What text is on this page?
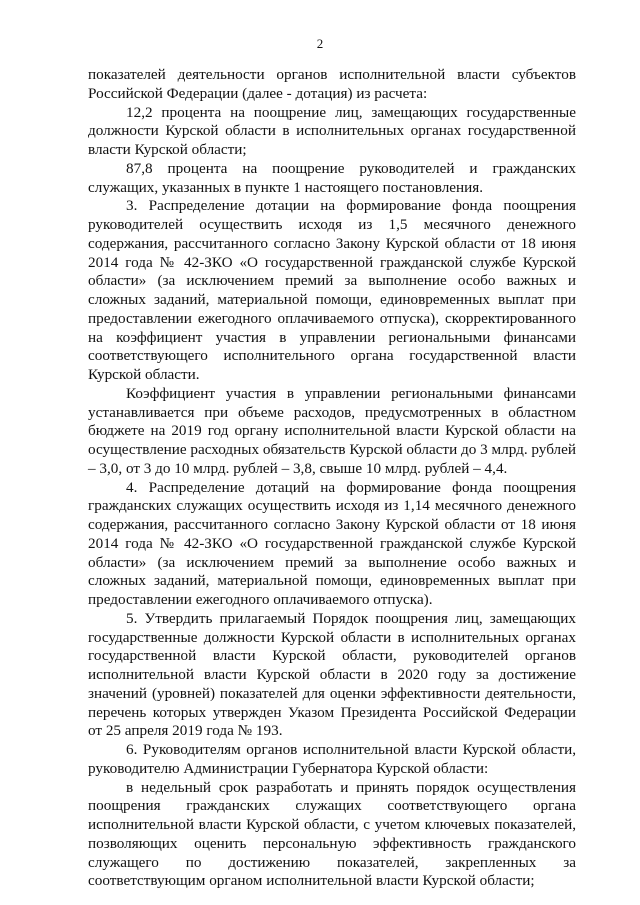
2

показателей деятельности органов исполнительной власти субъектов Российской Федерации (далее - дотация) из расчета:

12,2 процента на поощрение лиц, замещающих государственные должности Курской области в исполнительных органах государственной власти Курской области;

87,8 процента на поощрение руководителей и гражданских служащих, указанных в пункте 1 настоящего постановления.

3. Распределение дотации на формирование фонда поощрения руководителей осуществить исходя из 1,5 месячного денежного содержания, рассчитанного согласно Закону Курской области от 18 июня 2014 года № 42-ЗКО «О государственной гражданской службе Курской области» (за исключением премий за выполнение особо важных и сложных заданий, материальной помощи, единовременных выплат при предоставлении ежегодного оплачиваемого отпуска), скорректированного на коэффициент участия в управлении региональными финансами соответствующего исполнительного органа государственной власти Курской области.

Коэффициент участия в управлении региональными финансами устанавливается при объеме расходов, предусмотренных в областном бюджете на 2019 год органу исполнительной власти Курской области на осуществление расходных обязательств Курской области до 3 млрд. рублей – 3,0, от 3 до 10 млрд. рублей – 3,8, свыше 10 млрд. рублей – 4,4.

4. Распределение дотаций на формирование фонда поощрения гражданских служащих осуществить исходя из 1,14 месячного денежного содержания, рассчитанного согласно Закону Курской области от 18 июня 2014 года № 42-ЗКО «О государственной гражданской службе Курской области» (за исключением премий за выполнение особо важных и сложных заданий, материальной помощи, единовременных выплат при предоставлении ежегодного оплачиваемого отпуска).

5. Утвердить прилагаемый Порядок поощрения лиц, замещающих государственные должности Курской области в исполнительных органах государственной власти Курской области, руководителей органов исполнительной власти Курской области в 2020 году за достижение значений (уровней) показателей для оценки эффективности деятельности, перечень которых утвержден Указом Президента Российской Федерации от 25 апреля 2019 года № 193.

6. Руководителям органов исполнительной власти Курской области, руководителю Администрации Губернатора Курской области:

в недельный срок разработать и принять порядок осуществления поощрения гражданских служащих соответствующего органа исполнительной власти Курской области, с учетом ключевых показателей, позволяющих оценить персональную эффективность гражданского служащего по достижению показателей, закрепленных за соответствующим органом исполнительной власти Курской области;
